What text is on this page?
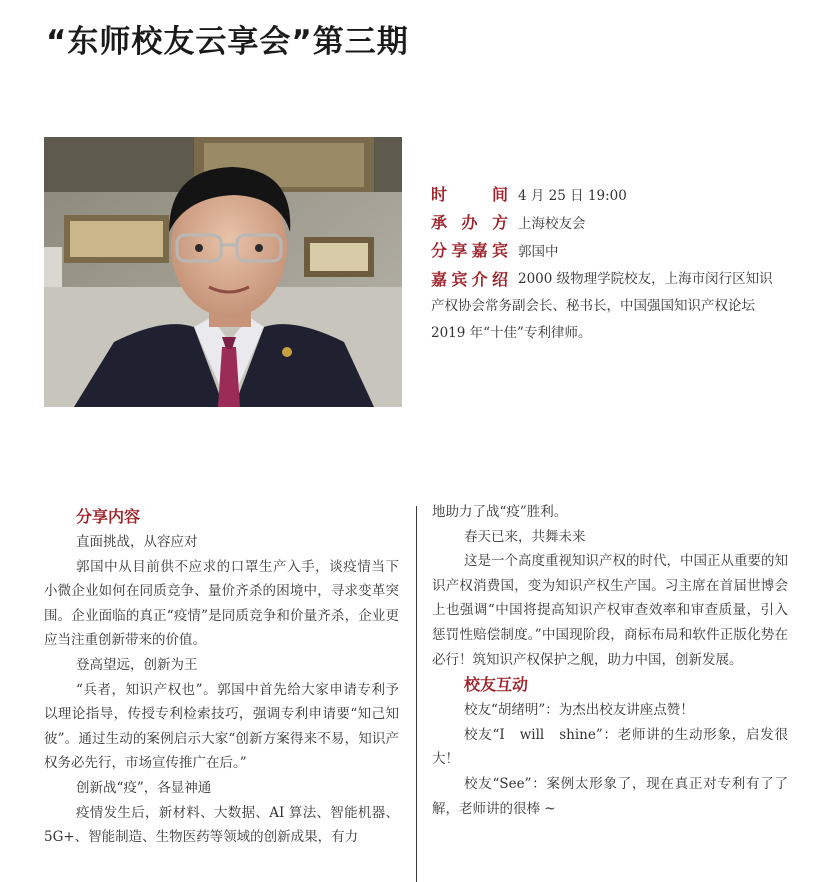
“东师校友云享会”第三期
时　间 4 月 25 日 19:00
承办方 上海校友会
分享嘉宾 郭国中
嘉宾介绍 2000 级物理学院校友，上海市闵行区知识产权协会常务副会长、秘书长，中国强国知识产权论坛 2019 年“十佳”专利律师。
分享内容
直面挑战，从容应对
郭国中从目前供不应求的口罩生产入手，谈疫情当下小微企业如何在同质竞争、量价齐杀的困境中，寻求变革突围。企业面临的真正“疫情”是同质竞争和价量齐杀，企业更应当注重创新带来的价值。
登高望远，创新为王
“兵者，知识产权也”。郭国中首先给大家申请专利予以理论指导，传授专利检索技巧，强调专利申请要“知己知彼”。通过生动的案例启示大家“创新方案得来不易，知识产权务必先行，市场宣传推广在后。”
创新战“疫”，各显神通
疫情发生后，新材料、大数据、AI 算法、智能机器、5G+、智能制造、生物医药等领域的创新成果，有力
地助力了战“疫”胜利。
春天已来，共舞未来
这是一个高度重视知识产权的时代，中国正从重要的知识产权消费国，变为知识产权生产国。习主席在首届世博会上也强调“中国将提高知识产权审查效率和审查质量，引入惩罚性赔偿制度。”中国现阶段，商标布局和软件正版化势在必行！筑知识产权保护之舰，助力中国，创新发展。
校友互动
校友“胡绪明”：为杰出校友讲座点赞！
校友“I　will　shine”：老师讲的生动形象，启发很大！
校友“See”：案例太形象了，现在真正对专利有了了解，老师讲的很棒 ~
